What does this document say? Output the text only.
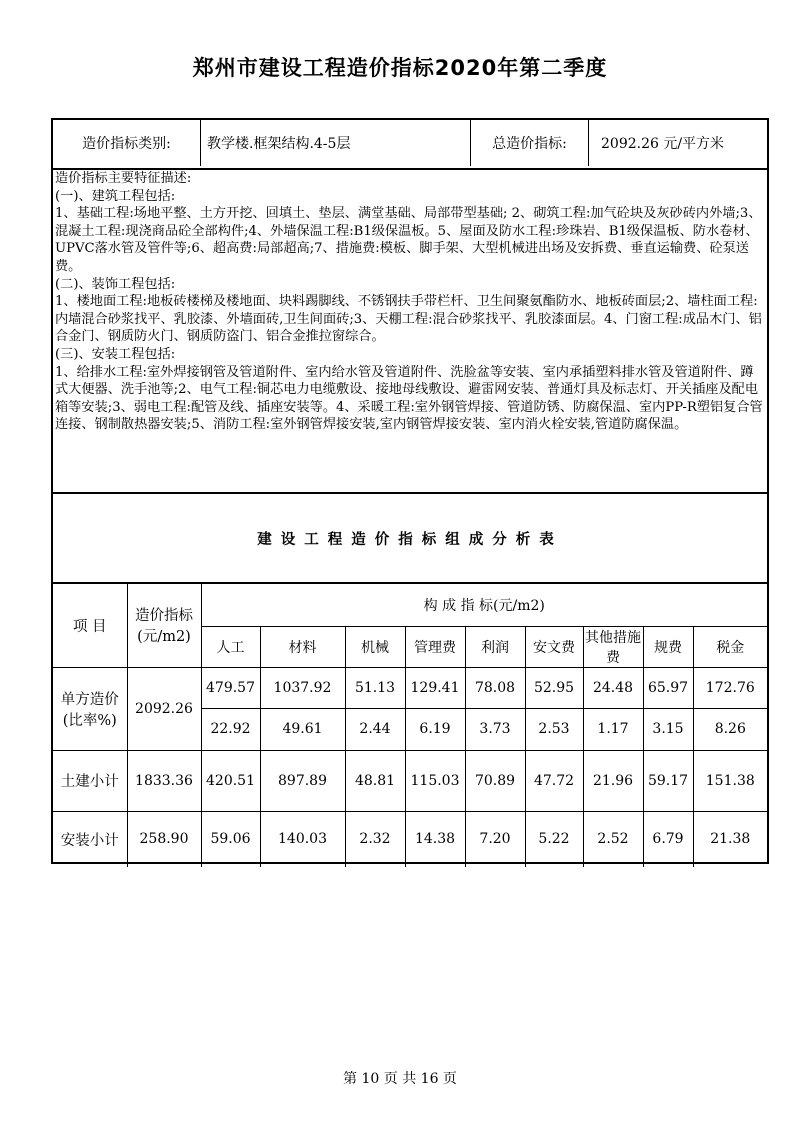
郑州市建设工程造价指标2020年第二季度
造价指标类别:	教学楼.框架结构.4-5层	总造价指标:	2092.26 元/平方米

造价指标主要特征描述:

(一)、建筑工程包括:

1、基础工程:场地平整、土方开挖、回填土、垫层、满堂基础、局部带型基础; 2、砌筑工程:加气砼块及灰砂砖内外墙;3、混凝土工程:现浇商品砼全部构件;4、外墙保温工程:B1级保温板。5、屋面及防水工程:珍珠岩、B1级保温板、防水卷材、UPVC落水管及管件等;6、超高费:局部超高;7、措施费:模板、脚手架、大型机械进出场及安拆费、垂直运输费、砼泵送费。

(二)、装饰工程包括:

1、楼地面工程:地板砖楼梯及楼地面、块料踢脚线、不锈钢扶手带栏杆、卫生间聚氨酯防水、地板砖面层;2、墙柱面工程:内墙混合砂浆找平、乳胶漆、外墙面砖,卫生间面砖;3、天棚工程:混合砂浆找平、乳胶漆面层。4、门窗工程:成品木门、铝合金门、钢质防火门、钢质防盗门、铝合金推拉窗综合。

(三)、安装工程包括:

1、给排水工程:室外焊接钢管及管道附件、室内给水管及管道附件、洗脸盆等安装、室内承插塑料排水管及管道附件、蹲式大便器、洗手池等;2、电气工程:铜芯电力电缆敷设、接地母线敷设、避雷网安装、普通灯具及标志灯、开关插座及配电箱等安装;3、弱电工程:配管及线、插座安装等。4、采暖工程:室外钢管焊接、管道防锈、防腐保温、室内PP-R塑铝复合管连接、钢制散热器安装;5、消防工程:室外钢管焊接安装,室内钢管焊接安装、室内消火栓安装,管道防腐保温。

建设工程造价指标组成分析表
项 目	造价指标(元/m2)	构 成 指 标(元/m2)								
		人工	材料	机械	管理费	利润	安文费	其他措施费	规费	税金
单方造价(比率%)	2092.26	479.57	1037.92	51.13	129.41	78.08	52.95	24.48	65.97	172.76
		22.92	49.61	2.44	6.19	3.73	2.53	1.17	3.15	8.26
土建小计	1833.36	420.51	897.89	48.81	115.03	70.89	47.72	21.96	59.17	151.38
安装小计	258.90	59.06	140.03	2.32	14.38	7.20	5.22	2.52	6.79	21.38
第 10 页 共 16 页
